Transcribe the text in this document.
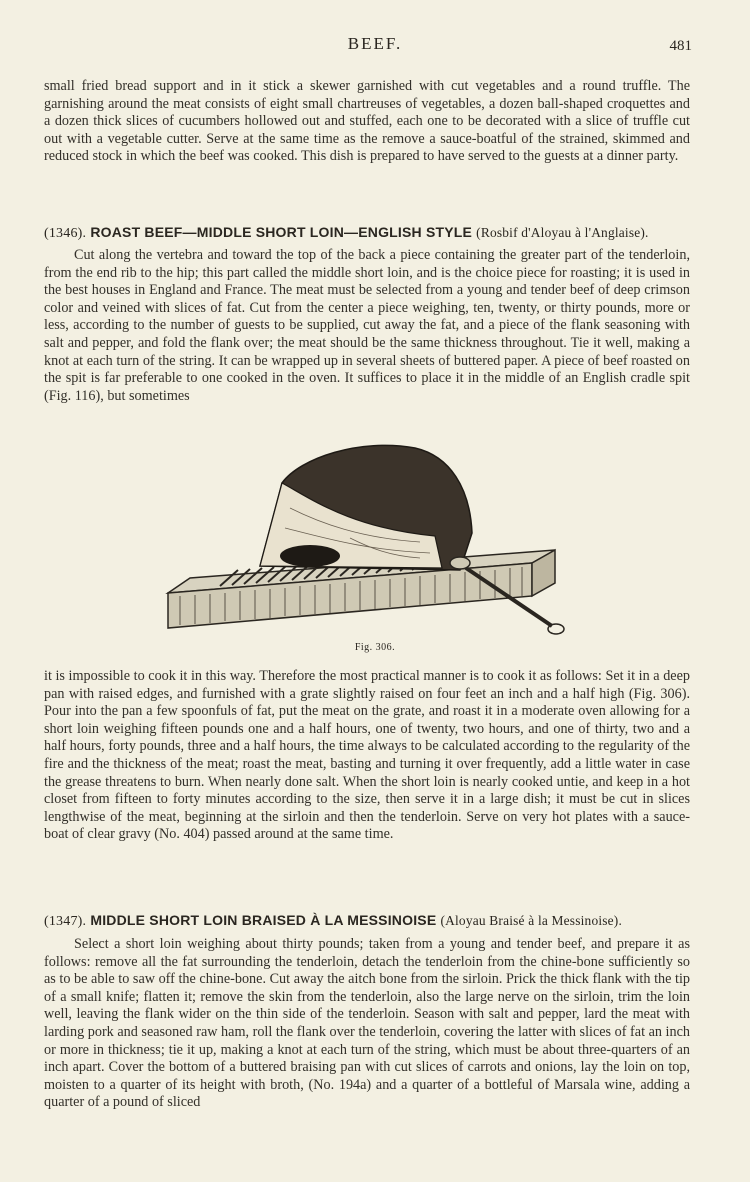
BEEF.	481

small fried bread support and in it stick a skewer garnished with cut vegetables and a round truffle. The garnishing around the meat consists of eight small chartreuses of vegetables, a dozen ball-shaped croquettes and a dozen thick slices of cucumbers hollowed out and stuffed, each one to be decorated with a slice of truffle cut out with a vegetable cutter. Serve at the same time as the remove a sauce-boatful of the strained, skimmed and reduced stock in which the beef was cooked. This dish is prepared to have served to the guests at a dinner party.

(1346). ROAST BEEF—MIDDLE SHORT LOIN—ENGLISH STYLE (Rosbif d'Aloyau à l'Anglaise).

Cut along the vertebra and toward the top of the back a piece containing the greater part of the tenderloin, from the end rib to the hip; this part called the middle short loin, and is the choice piece for roasting; it is used in the best houses in England and France. The meat must be selected from a young and tender beef of deep crimson color and veined with slices of fat. Cut from the center a piece weighing, ten, twenty, or thirty pounds, more or less, according to the number of guests to be supplied, cut away the fat, and a piece of the flank seasoning with salt and pepper, and fold the flank over; the meat should be the same thickness throughout. Tie it well, making a knot at each turn of the string. It can be wrapped up in several sheets of buttered paper. A piece of beef roasted on the spit is far preferable to one cooked in the oven. It suffices to place it in the middle of an English cradle spit (Fig. 116), but sometimes

Fig. 306.

it is impossible to cook it in this way. Therefore the most practical manner is to cook it as follows: Set it in a deep pan with raised edges, and furnished with a grate slightly raised on four feet an inch and a half high (Fig. 306). Pour into the pan a few spoonfuls of fat, put the meat on the grate, and roast it in a moderate oven allowing for a short loin weighing fifteen pounds one and a half hours, one of twenty, two hours, and one of thirty, two and a half hours, forty pounds, three and a half hours, the time always to be calculated according to the regularity of the fire and the thickness of the meat; roast the meat, basting and turning it over frequently, add a little water in case the grease threatens to burn. When nearly done salt. When the short loin is nearly cooked untie, and keep in a hot closet from fifteen to forty minutes according to the size, then serve it in a large dish; it must be cut in slices lengthwise of the meat, beginning at the sirloin and then the tenderloin. Serve on very hot plates with a sauce-boat of clear gravy (No. 404) passed around at the same time.

(1347). MIDDLE SHORT LOIN BRAISED À LA MESSINOISE (Aloyau Braisé à la Messinoise).

Select a short loin weighing about thirty pounds; taken from a young and tender beef, and prepare it as follows: remove all the fat surrounding the tenderloin, detach the tenderloin from the chine-bone sufficiently so as to be able to saw off the chine-bone. Cut away the aitch bone from the sirloin. Prick the thick flank with the tip of a small knife; flatten it; remove the skin from the tenderloin, also the large nerve on the sirloin, trim the loin well, leaving the flank wider on the thin side of the tenderloin. Season with salt and pepper, lard the meat with larding pork and seasoned raw ham, roll the flank over the tenderloin, covering the latter with slices of fat an inch or more in thickness; tie it up, making a knot at each turn of the string, which must be about three-quarters of an inch apart. Cover the bottom of a buttered braising pan with cut slices of carrots and onions, lay the loin on top, moisten to a quarter of its height with broth, (No. 194a) and a quarter of a bottleful of Marsala wine, adding a quarter of a pound of sliced
